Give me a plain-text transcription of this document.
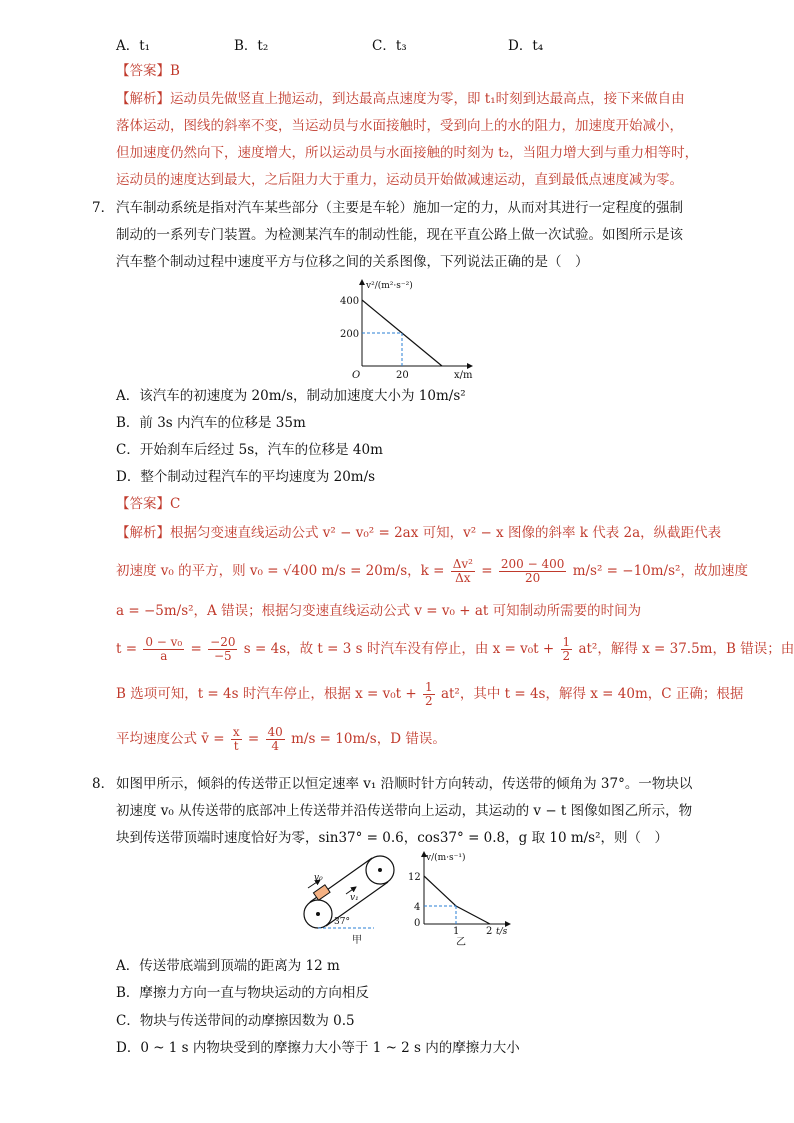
A．t₁	B．t₂	C．t₃	D．t₄
【答案】B
【解析】运动员先做竖直上抛运动，到达最高点速度为零，即 t₁时刻到达最高点，接下来做自由
落体运动，图线的斜率不变，当运动员与水面接触时，受到向上的水的阻力，加速度开始减小，
但加速度仍然向下，速度增大，所以运动员与水面接触的时刻为 t₂，当阻力增大到与重力相等时，
运动员的速度达到最大，之后阻力大于重力，运动员开始做减速运动，直到最低点速度减为零。
7． 汽车制动系统是指对汽车某些部分（主要是车轮）施加一定的力，从而对其进行一定程度的强制
制动的一系列专门装置。为检测某汽车的制动性能，现在平直公路上做一次试验。如图所示是该
汽车整个制动过程中速度平方与位移之间的关系图像，下列说法正确的是（　）
v²/(m²·s⁻²)
400
200
O	20	x/m
A．该汽车的初速度为 20m/s，制动加速度大小为 10m/s²
B．前 3s 内汽车的位移是 35m
C．开始刹车后经过 5s，汽车的位移是 40m
D．整个制动过程汽车的平均速度为 20m/s
【答案】C
【解析】根据匀变速直线运动公式 v² − v₀² = 2ax 可知，v² − x 图像的斜率 k 代表 2a，纵截距代表
初速度 v₀ 的平方，则 v₀ = √400 m/s = 20m/s，$k = \frac{\text{Δv²}}{\Delta x} = \frac{200 - 400}{20} m/s^2 = -10m/s^2$，故加速度
a = −5m/s²，A 错误；根据匀变速直线运动公式 v = v₀ + at 可知制动所需要的时间为
$t = \frac{\text{0 − v₀}}{a} = \frac{-20}{-5}$ s = 4s，故 t = 3 s 时汽车没有停止，由 $x = v_0t + \frac{1}{2} at^2$，解得 x = 37.5m，B 错误；由
B 选项可知，t = 4s 时汽车停止，根据 $x = v_0t + \frac{1}{2} at^2$，其中 t = 4s，解得 x = 40m，C 正确；根据
平均速度公式 v̄ = $\frac{x}{t} = \frac{40}{4} m/s = 10m/s$，D 错误。
8． 如图甲所示，倾斜的传送带正以恒定速率 v₁ 沿顺时针方向转动，传送带的倾角为 37°。一物块以
初速度 v₀ 从传送带的底部冲上传送带并沿传送带向上运动，其运动的 v − t 图像如图乙所示，物
块到传送带顶端时速度恰好为零，sin37° = 0.6，cos37° = 0.8，g 取 10 m/s²，则（　）
v₀
v₁
37°
甲
v/(m·s⁻¹)
12
4
0
1	2 t/s
乙
A．传送带底端到顶端的距离为 12 m
B．摩擦力方向一直与物块运动的方向相反
C．物块与传送带间的动摩擦因数为 0.5
D．0 ~ 1 s 内物块受到的摩擦力大小等于 1 ~ 2 s 内的摩擦力大小
